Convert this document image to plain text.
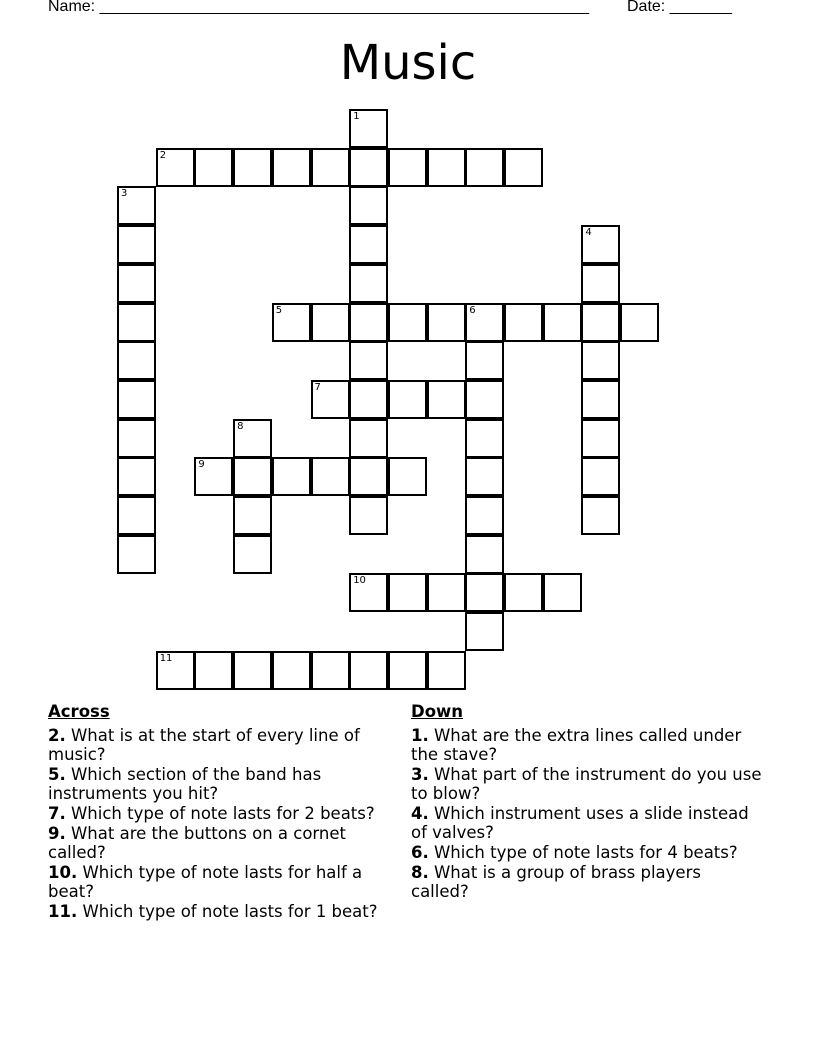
Name: _______________________________________________________ Date: _______
Music
1
2
3
4
5	6
7
8
9
10
11
Across
2. What is at the start of every line of music?
5. Which section of the band has instruments you hit?
7. Which type of note lasts for 2 beats?
9. What are the buttons on a cornet called?
10. Which type of note lasts for half a beat?
11. Which type of note lasts for 1 beat?
Down
1. What are the extra lines called under the stave?
3. What part of the instrument do you use to blow?
4. Which instrument uses a slide instead of valves?
6. Which type of note lasts for 4 beats?
8. What is a group of brass players called?
